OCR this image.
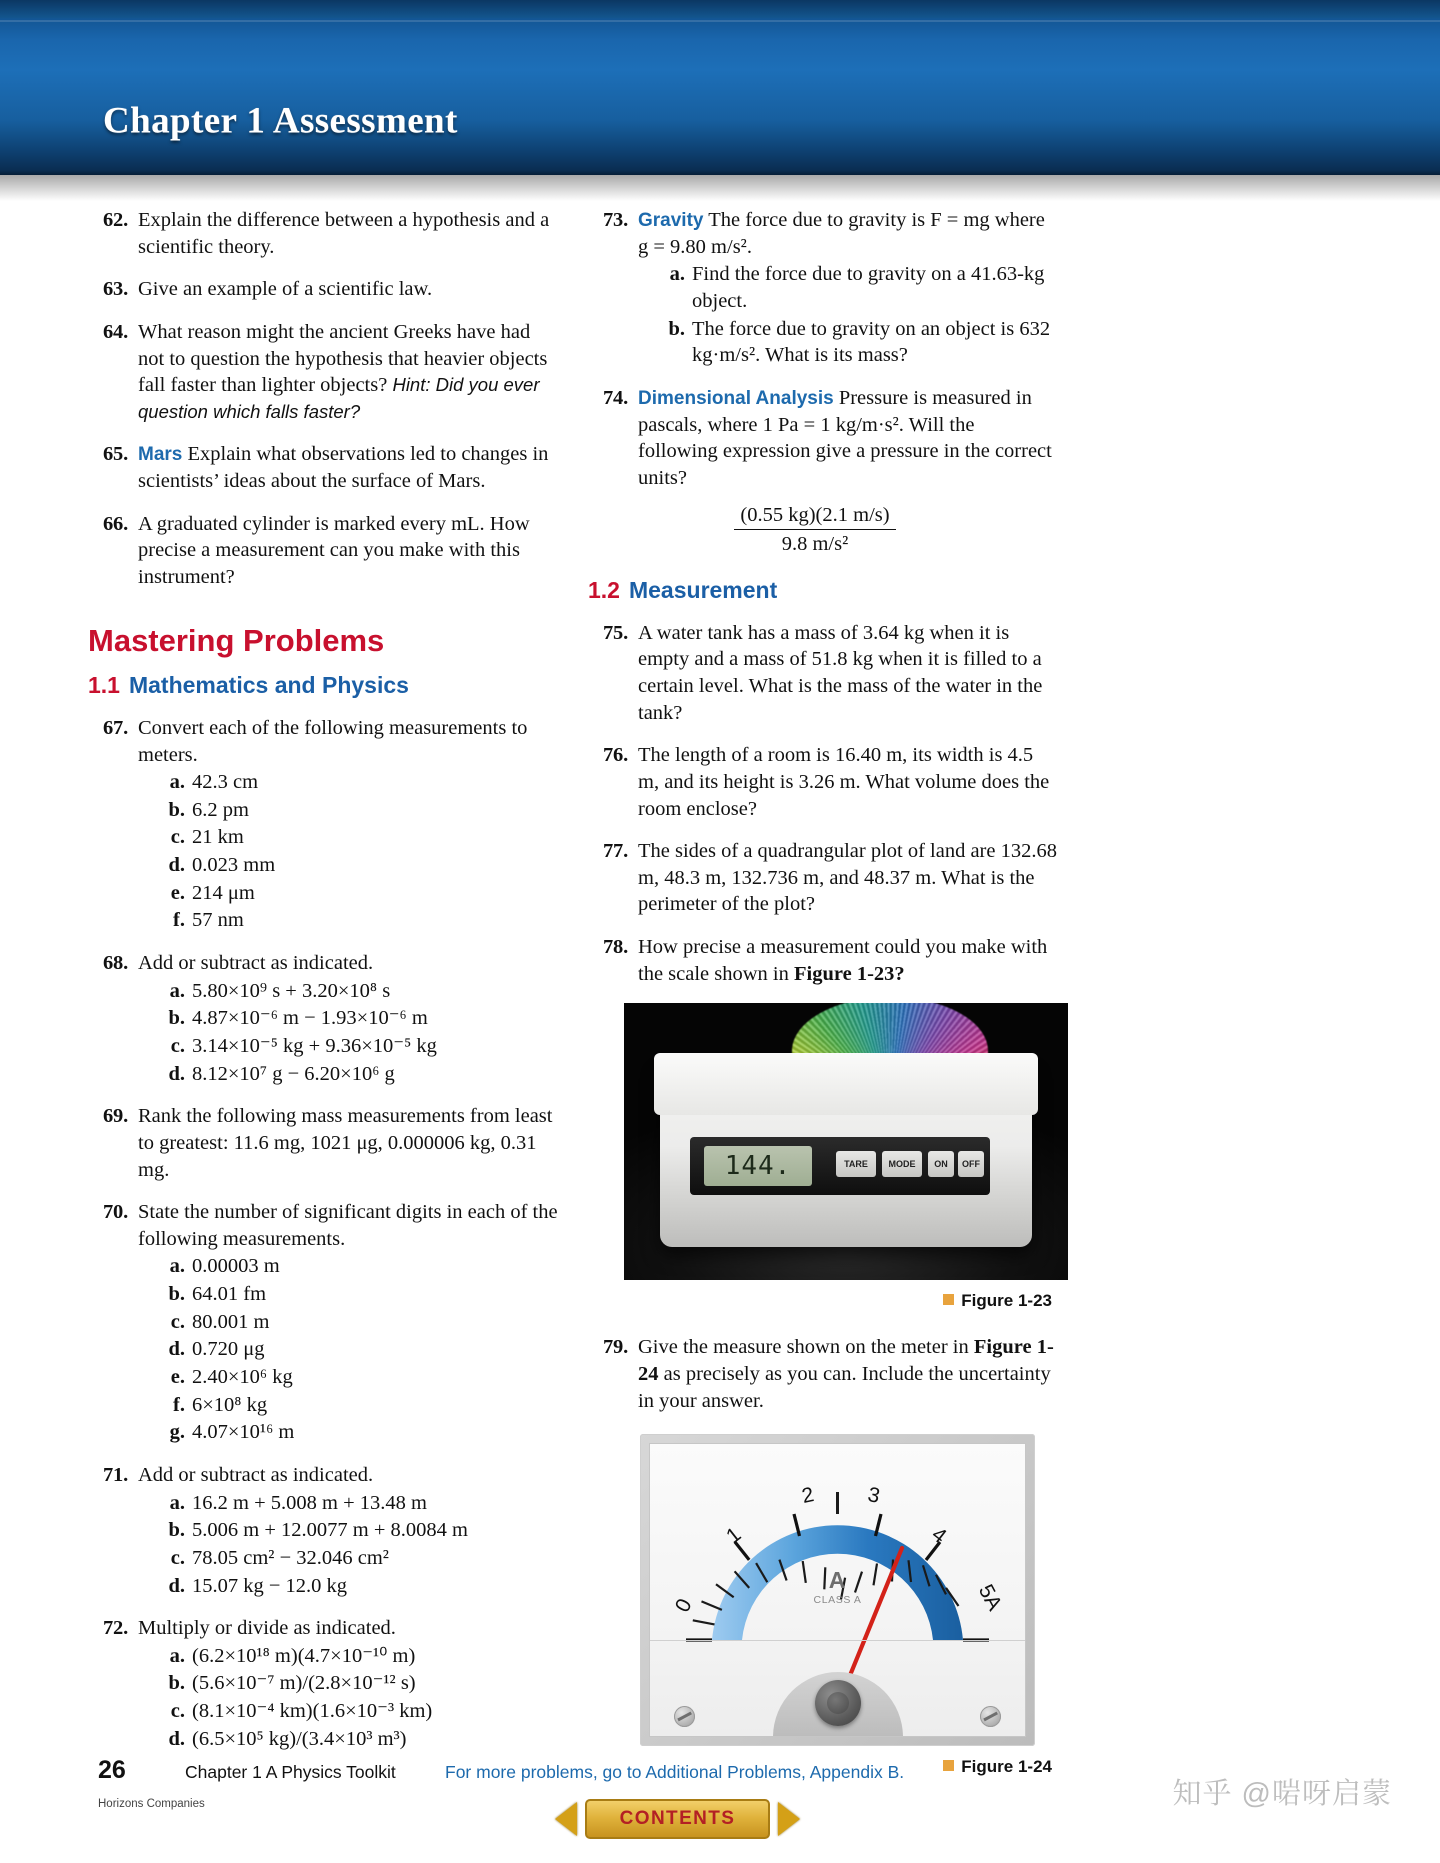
Chapter 1 Assessment
62. Explain the difference between a hypothesis and a scientific theory.

63. Give an example of a scientific law.

64. What reason might the ancient Greeks have had not to question the hypothesis that heavier objects fall faster than lighter objects? Hint: Did you ever question which falls faster?

65. Mars Explain what observations led to changes in scientists’ ideas about the surface of Mars.

66. A graduated cylinder is marked every mL. How precise a measurement can you make with this instrument?

Mastering Problems
1.1 Mathematics and Physics
67. Convert each of the following measurements to meters.

a. 42.3 cm
b. 6.2 pm
c. 21 km
d. 0.023 mm
e. 214 μm
f. 57 nm
68. Add or subtract as indicated.

a. 5.80×10⁹ s + 3.20×10⁸ s
b. 4.87×10⁻⁶ m − 1.93×10⁻⁶ m
c. 3.14×10⁻⁵ kg + 9.36×10⁻⁵ kg
d. 8.12×10⁷ g − 6.20×10⁶ g
69. Rank the following mass measurements from least to greatest: 11.6 mg, 1021 μg, 0.000006 kg, 0.31 mg.

70. State the number of significant digits in each of the following measurements.

a. 0.00003 m
b. 64.01 fm
c. 80.001 m
d. 0.720 μg
e. 2.40×10⁶ kg
f. 6×10⁸ kg
g. 4.07×10¹⁶ m
71. Add or subtract as indicated.

a. 16.2 m + 5.008 m + 13.48 m
b. 5.006 m + 12.0077 m + 8.0084 m
c. 78.05 cm² − 32.046 cm²
d. 15.07 kg − 12.0 kg
72. Multiply or divide as indicated.

a. (6.2×10¹⁸ m)(4.7×10⁻¹⁰ m)
b. (5.6×10⁻⁷ m)/(2.8×10⁻¹² s)
c. (8.1×10⁻⁴ km)(1.6×10⁻³ km)
d. (6.5×10⁵ kg)/(3.4×10³ m³)
73. Gravity The force due to gravity is F = mg where g = 9.80 m/s².

a. Find the force due to gravity on a 41.63-kg object.
b. The force due to gravity on an object is 632 kg·m/s². What is its mass?
74. Dimensional Analysis Pressure is measured in pascals, where 1 Pa = 1 kg/m·s². Will the following expression give a pressure in the correct units?

$\frac{(0.55 kg)(2.1 m/s)}{\text{9.8 m/s²}}$
1.2 Measurement
75. A water tank has a mass of 3.64 kg when it is empty and a mass of 51.8 kg when it is filled to a certain level. What is the mass of the water in the tank?

76. The length of a room is 16.40 m, its width is 4.5 m, and its height is 3.26 m. What volume does the room enclose?

77. The sides of a quadrangular plot of land are 132.68 m, 48.3 m, 132.736 m, and 48.37 m. What is the perimeter of the plot?

78. How precise a measurement could you make with the scale shown in Figure 1-23?

144.	TARE	MODE	ON	OFF
Figure 1-23
79. Give the measure shown on the meter in Figure 1-24 as precisely as you can. Include the uncertainty in your answer.

0
1
2 3
4
5A
A
CLASS A
Figure 1-24
26	Chapter 1 A Physics Toolkit	For more problems, go to Additional Problems, Appendix B.
Horizons Companies
CONTENTS
知乎 @啱呀启蒙
